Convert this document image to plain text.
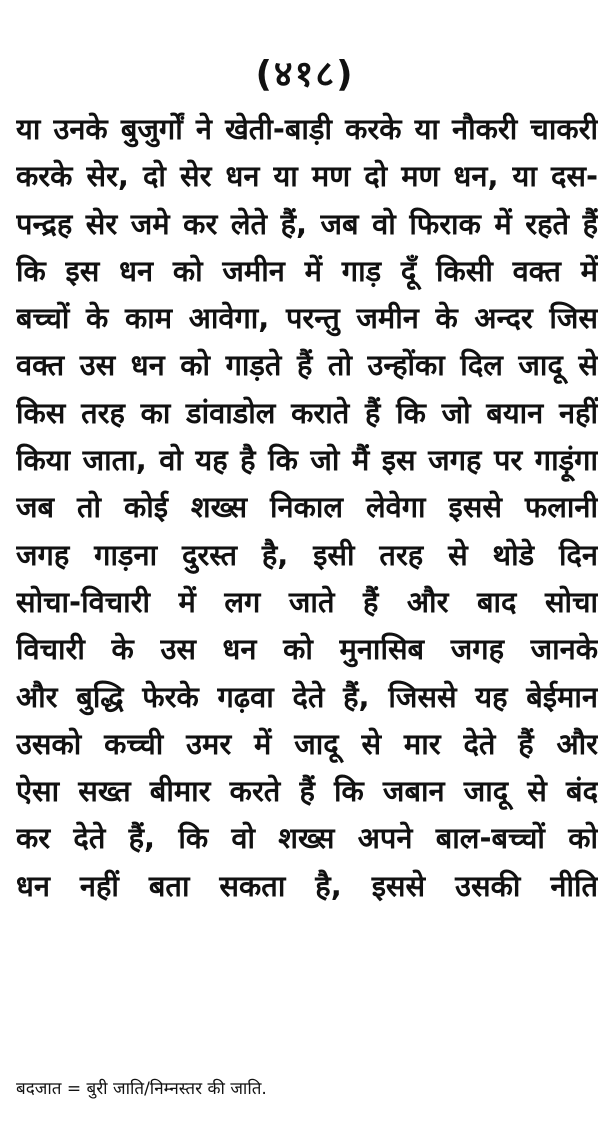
(४१८)
या उनके बुजुर्गों ने खेती-बाड़ी करके या नौकरी चाकरी
करके सेर, दो सेर धन या मण दो मण धन, या दस-
पन्द्रह सेर जमे कर लेते हैं, जब वो फिराक में रहते हैं
कि इस धन को जमीन में गाड़ दूँ किसी वक्त में
बच्चों के काम आवेगा, परन्तु जमीन के अन्दर जिस
वक्त उस धन को गाड़ते हैं तो उन्होंका दिल जादू से
किस तरह का डांवाडोल कराते हैं कि जो बयान नहीं
किया जाता, वो यह है कि जो मैं इस जगह पर गाड़ूंगा
जब तो कोई शख्स निकाल लेवेगा इससे फलानी
जगह गाड़ना दुरस्त है, इसी तरह से थोडे दिन
सोचा-विचारी में लग जाते हैं और बाद सोचा
विचारी के उस धन को मुनासिब जगह जानके
और बुद्धि फेरके गढ़वा देते हैं, जिससे यह बेईमान
उसको कच्ची उमर में जादू से मार देते हैं और
ऐसा सख्त बीमार करते हैं कि जबान जादू से बंद
कर देते हैं, कि वो शख्स अपने बाल-बच्चों को
धन नहीं बता सकता है, इससे उसकी नीति
बदजात = बुरी जाति/निम्नस्तर की जाति.
